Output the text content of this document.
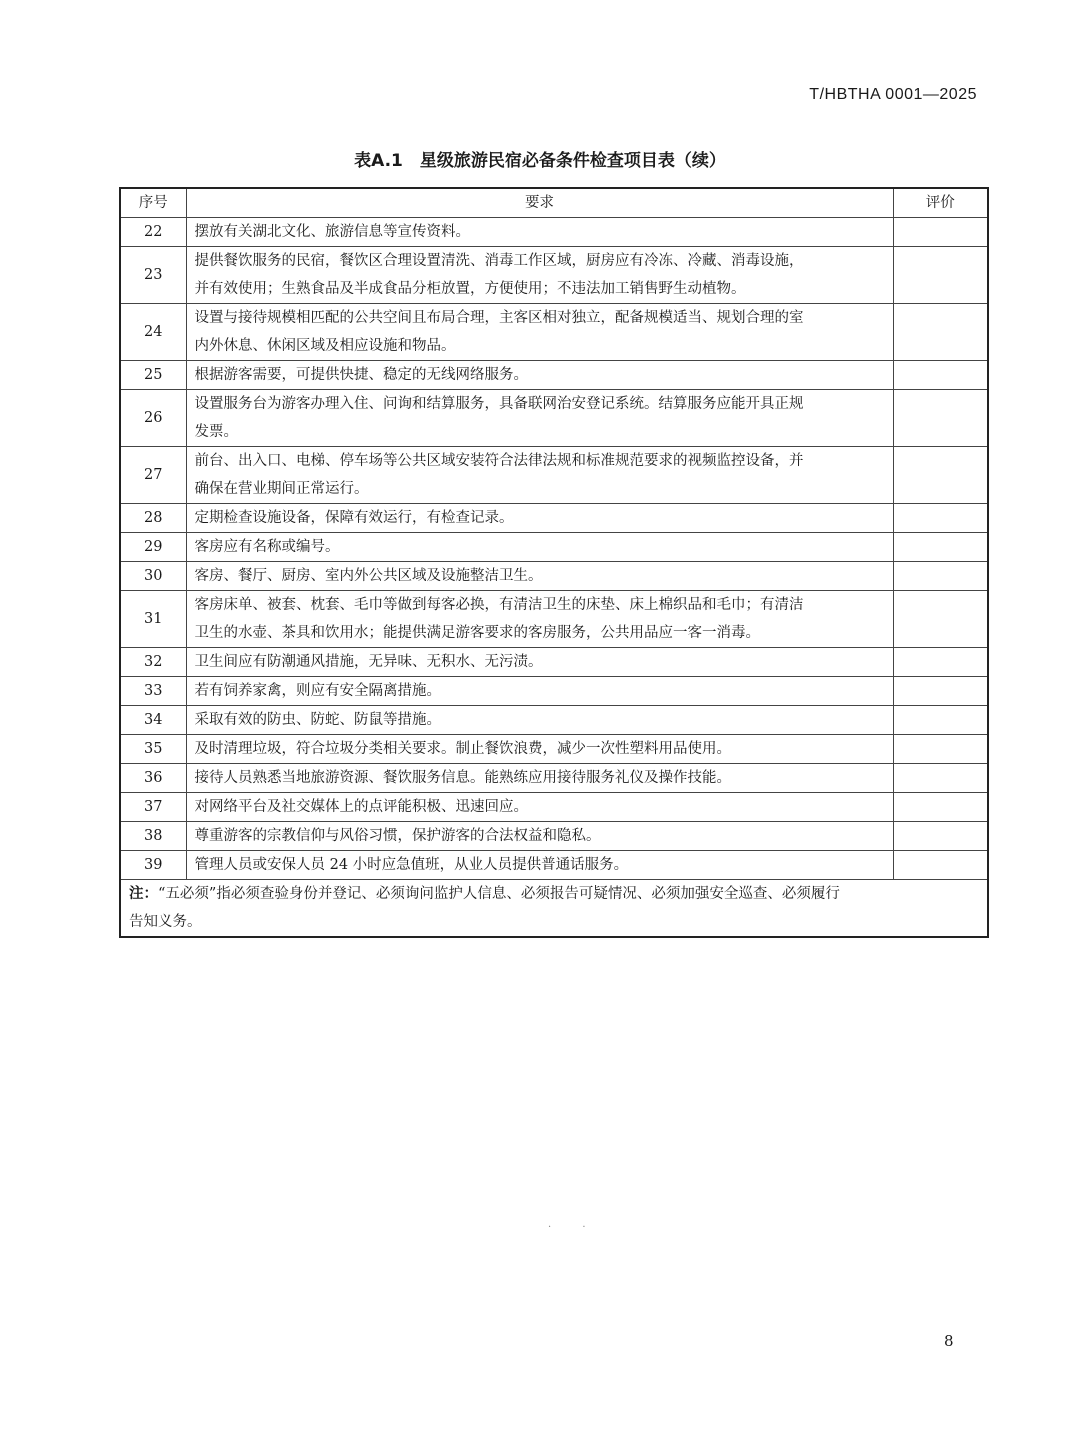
T/HBTHA 0001—2025
表A.1　星级旅游民宿必备条件检查项目表（续）
序号	要求	评价
22	摆放有关湖北文化、旅游信息等宣传资料。	
23	提供餐饮服务的民宿，餐饮区合理设置清洗、消毒工作区域，厨房应有冷冻、冷藏、消毒设施，
并有效使用；生熟食品及半成食品分柜放置，方便使用；不违法加工销售野生动植物。	
24	设置与接待规模相匹配的公共空间且布局合理，主客区相对独立，配备规模适当、规划合理的室
内外休息、休闲区域及相应设施和物品。	
25	根据游客需要，可提供快捷、稳定的无线网络服务。	
26	设置服务台为游客办理入住、问询和结算服务，具备联网治安登记系统。结算服务应能开具正规
发票。	
27	前台、出入口、电梯、停车场等公共区域安装符合法律法规和标准规范要求的视频监控设备，并
确保在营业期间正常运行。	
28	定期检查设施设备，保障有效运行，有检查记录。	
29	客房应有名称或编号。	
30	客房、餐厅、厨房、室内外公共区域及设施整洁卫生。	
31	客房床单、被套、枕套、毛巾等做到每客必换，有清洁卫生的床垫、床上棉织品和毛巾；有清洁
卫生的水壶、茶具和饮用水；能提供满足游客要求的客房服务，公共用品应一客一消毒。	
32	卫生间应有防潮通风措施，无异味、无积水、无污渍。	
33	若有饲养家禽，则应有安全隔离措施。	
34	采取有效的防虫、防蛇、防鼠等措施。	
35	及时清理垃圾，符合垃圾分类相关要求。制止餐饮浪费，减少一次性塑料用品使用。	
36	接待人员熟悉当地旅游资源、餐饮服务信息。能熟练应用接待服务礼仪及操作技能。	
37	对网络平台及社交媒体上的点评能积极、迅速回应。	
38	尊重游客的宗教信仰与风俗习惯，保护游客的合法权益和隐私。	
39	管理人员或安保人员 24 小时应急值班，从业人员提供普通话服务。	
注：“五必须”指必须查验身份并登记、必须询问监护人信息、必须报告可疑情况、必须加强安全巡查、必须履行
告知义务。		
· ·
8
